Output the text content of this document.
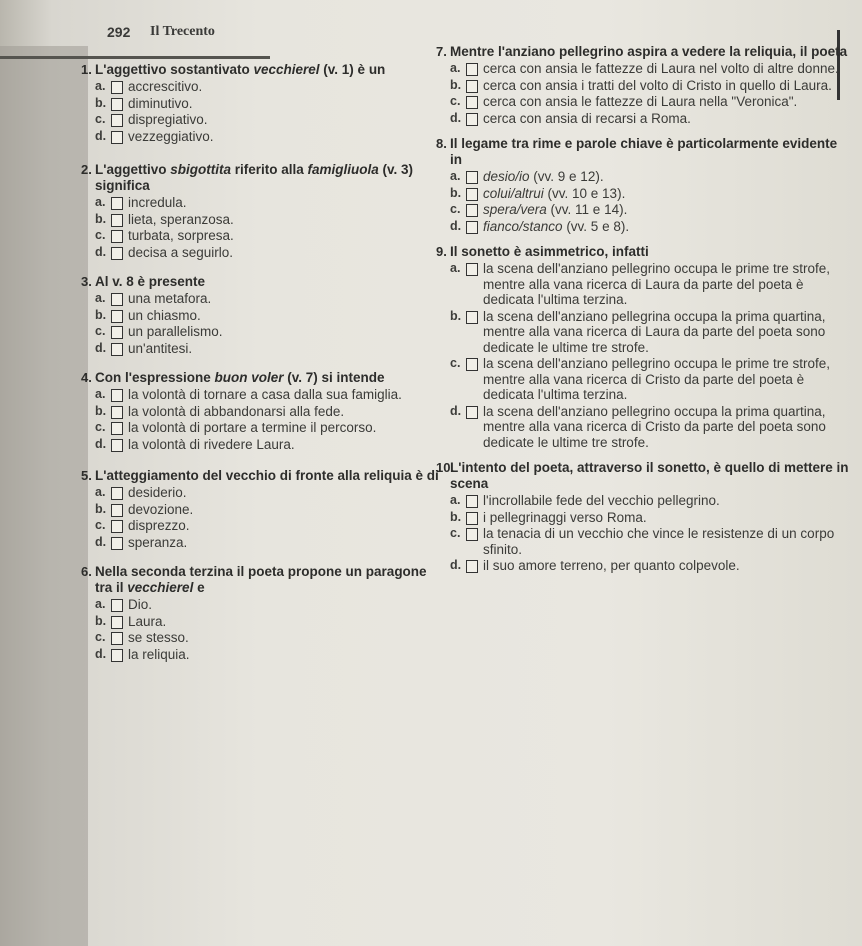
292 Il Trecento
1. L'aggettivo sostantivato vecchierel (v. 1) è un
a.	accrescitivo.
b.	diminutivo.
c.	dispregiativo.
d.	vezzeggiativo.
2. L'aggettivo sbigottita riferito alla famigliuola (v. 3) significa
a.	incredula.
b.	lieta, speranzosa.
c.	turbata, sorpresa.
d.	decisa a seguirlo.
3. Al v. 8 è presente
a.	una metafora.
b.	un chiasmo.
c.	un parallelismo.
d.	un'antitesi.
4. Con l'espressione buon voler (v. 7) si intende
a.	la volontà di tornare a casa dalla sua famiglia.
b.	la volontà di abbandonarsi alla fede.
c.	la volontà di portare a termine il percorso.
d.	la volontà di rivedere Laura.
5. L'atteggiamento del vecchio di fronte alla reliquia è di
a.	desiderio.
b.	devozione.
c.	disprezzo.
d.	speranza.
6. Nella seconda terzina il poeta propone un paragone tra il vecchierel e
a.	Dio.
b.	Laura.
c.	se stesso.
d.	la reliquia.
7. Mentre l'anziano pellegrino aspira a vedere la reliquia, il poeta
a.	cerca con ansia le fattezze di Laura nel volto di altre donne.
b.	cerca con ansia i tratti del volto di Cristo in quello di Laura.
c.	cerca con ansia le fattezze di Laura nella "Veronica".
d.	cerca con ansia di recarsi a Roma.
8. Il legame tra rime e parole chiave è particolarmente evidente in
a.	desio/io (vv. 9 e 12).
b.	colui/altrui (vv. 10 e 13).
c.	spera/vera (vv. 11 e 14).
d.	fianco/stanco (vv. 5 e 8).
9. Il sonetto è asimmetrico, infatti
a.	la scena dell'anziano pellegrino occupa le prime tre strofe, mentre alla vana ricerca di Laura da parte del poeta è dedicata l'ultima terzina.
b.	la scena dell'anziano pellegrina occupa la prima quartina, mentre alla vana ricerca di Laura da parte del poeta sono dedicate le ultime tre strofe.
c.	la scena dell'anziano pellegrino occupa le prime tre strofe, mentre alla vana ricerca di Cristo da parte del poeta è dedicata l'ultima terzina.
d.	la scena dell'anziano pellegrino occupa la prima quartina, mentre alla vana ricerca di Cristo da parte del poeta sono dedicate le ultime tre strofe.
10.
L'intento del poeta, attraverso il sonetto, è quello di mettere in scena
a.	l'incrollabile fede del vecchio pellegrino.
b.	i pellegrinaggi verso Roma.
c.	la tenacia di un vecchio che vince le resistenze di un corpo sfinito.
d.	il suo amore terreno, per quanto colpevole.
